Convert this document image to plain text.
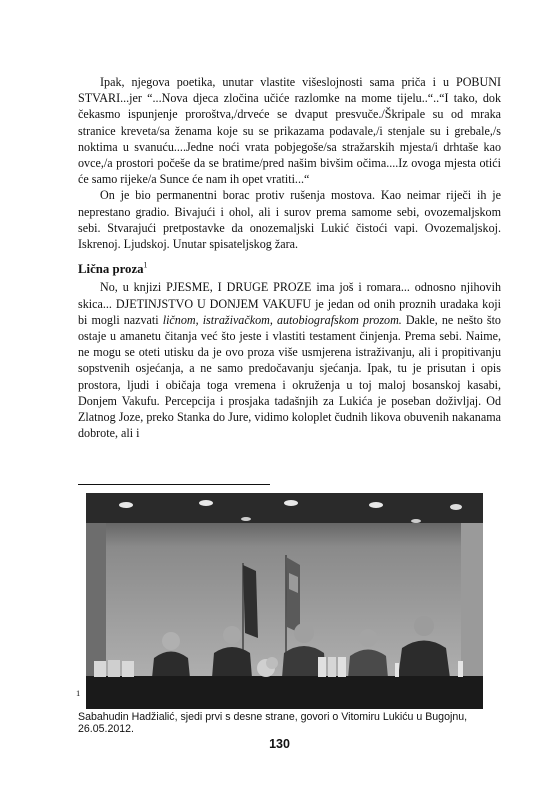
Ipak, njegova poetika, unutar vlastite višeslojnosti sama priča i u POBUNI STVARI...jer “...Nova djeca zločina učiće razlomke na mome tijelu..“..“I tako, dok čekasmo ispunjenje proroštva,/drveće se dvaput presvuče./Škripale su od mraka stranice kreveta/sa ženama koje su se prikazama podavale,/i stenjale su i grebale,/s noktima u svanuću....Jedne noći vrata pobjegoše/sa stražarskih mjesta/i drhtaše kao ovce,/a prostori počeše da se bratime/pred našim bivšim očima....Iz ovoga mjesta otići će samo rijeke/a Sunce će nam ih opet vratiti...“

On je bio permanentni borac protiv rušenja mostova. Kao neimar riječi ih je neprestano gradio. Bivajući i ohol, ali i surov prema samome sebi, ovozemaljskom sebi. Stvarajući pretpostavke da onozemaljski Lukić čistoći vapi. Ovozemaljskoj. Iskrenoj. Ljudskoj. Unutar spisateljskog žara.

Lična proza$^1$

No, u knjizi PJESME, I DRUGE PROZE ima još i romara... odnosno njihovih skica... DJETINJSTVO U DONJEM VAKUFU je jedan od onih proznih uradaka koji bi mogli nazvati ličnom, istraživačkom, autobiografskom prozom. Dakle, ne nešto što ostaje u amanetu čitanja već što jeste i vlastiti testament činjenja. Prema sebi. Naime, ne mogu se oteti utisku da je ovo proza više usmjerena istraživanju, ali i propitivanju sopstvenih osjećanja, a ne samo predočavanju sjećanja. Ipak, tu je prisutan i opis prostora, ljudi i običaja toga vremena i okruženja u toj maloj bosanskoj kasabi, Donjem Vakufu. Percepcija i prosjaka tadašnjih za Lukića je poseban doživljaj. Od Zlatnog Joze, preko Stanka do Jure, vidimo koloplet čudnih likova obuvenih nakanama dobrote, ali i

1
Sabahudin Hadžialić, sjedi prvi s desne strane, govori o Vitomiru Lukiću u Bugojnu, 26.05.2012.
130
